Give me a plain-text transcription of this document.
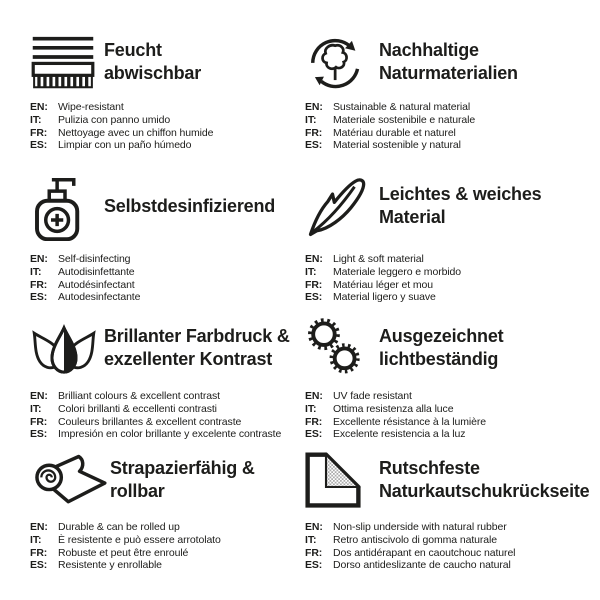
Feucht
abwischbar
EN: Wipe-resistant
IT:	Pulizia con panno umido
FR:	Nettoyage avec un chiffon humide
ES:	Limpiar con un paño húmedo
Nachhaltige
Naturmaterialien
EN: Sustainable & natural material
IT:	Materiale sostenibile e naturale
FR:	Matériau durable et naturel
ES:	Material sostenible y natural
Selbstdesinfizierend
EN: Self-disinfecting
IT:	Autodisinfettante
FR:	Autodésinfectant
ES:	Autodesinfectante
Leichtes & weiches
Material
EN: Light & soft material
IT:	Materiale leggero e morbido
FR:	Matériau léger et mou
ES:	Material ligero y suave
Brillanter Farbdruck &
exzellenter Kontrast
EN: Brilliant colours & excellent contrast
IT:	Colori brillanti & eccellenti contrasti
FR:	Couleurs brillantes & excellent contraste
ES:	Impresión en color brillante y excelente contraste
Ausgezeichnet
lichtbeständig
EN: UV fade resistant
IT:	Ottima resistenza alla luce
FR:	Excellente résistance à la lumière
ES:	Excelente resistencia a la luz
Strapazierfähig &
rollbar
EN: Durable & can be rolled up
IT:	È resistente e può essere arrotolato
FR:	Robuste et peut être enroulé
ES:	Resistente y enrollable
Rutschfeste
Naturkautschukrückseite
EN: Non-slip underside with natural rubber
IT:	Retro antiscivolo di gomma naturale
FR:	Dos antidérapant en caoutchouc naturel
ES:	Dorso antideslizante de caucho natural
